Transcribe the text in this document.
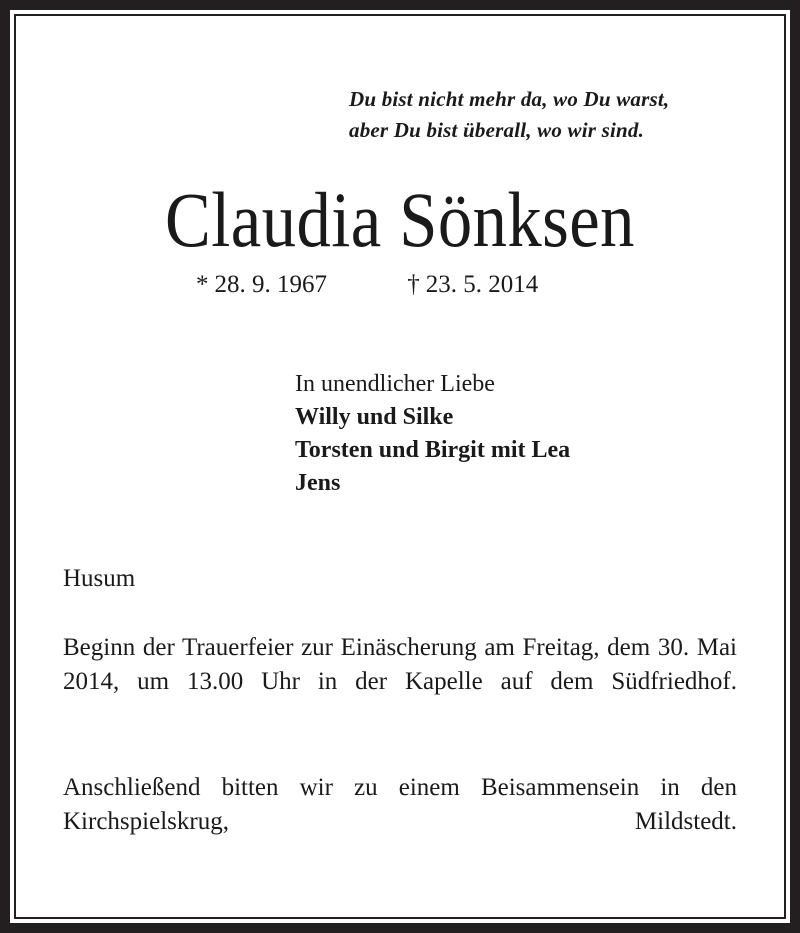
Du bist nicht mehr da, wo Du warst,
aber Du bist überall, wo wir sind.

Claudia Sönksen

* 28. 9. 1967	† 23. 5. 2014

In unendlicher Liebe
Willy und Silke
Torsten und Birgit mit Lea
Jens

Husum

Beginn der Trauerfeier zur Einäscherung am Freitag, dem 30. Mai 2014, um 13.00 Uhr in der Kapelle auf dem Südfriedhof.

Anschließend bitten wir zu einem Beisammensein in den Kirchspielskrug, Mildstedt.
